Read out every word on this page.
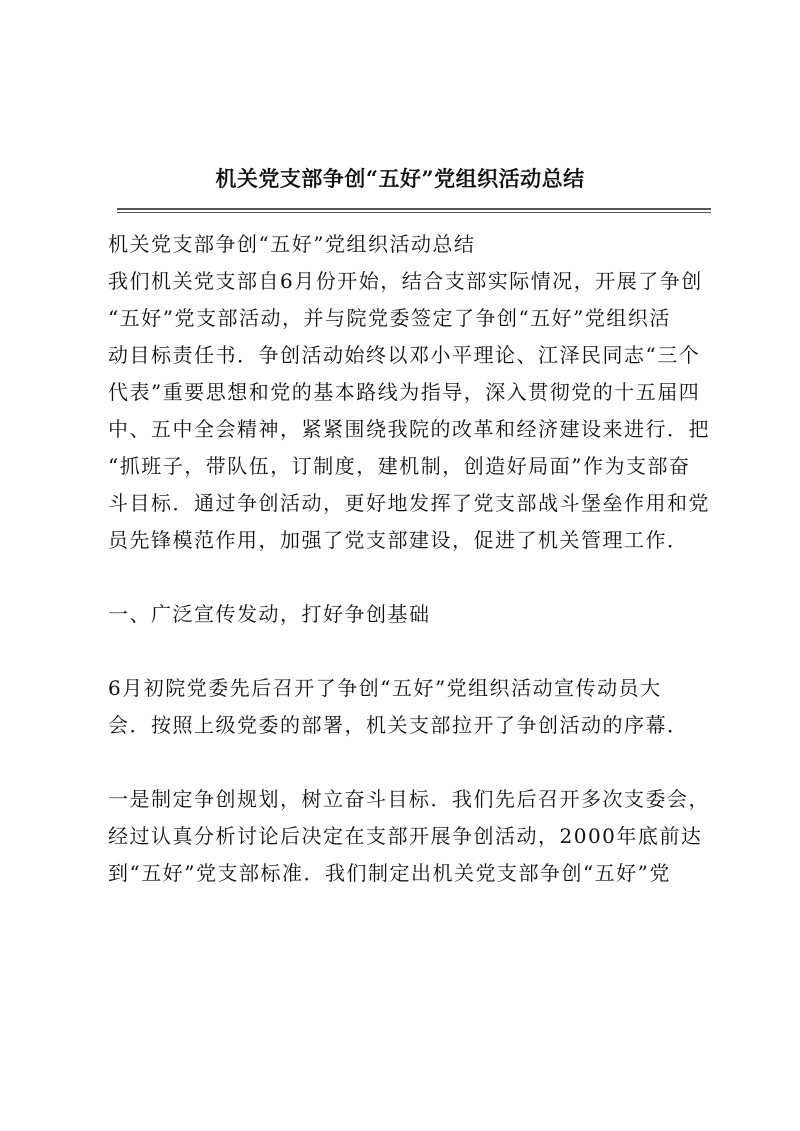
机关党支部争创“五好”党组织活动总结
机关党支部争创“五好”党组织活动总结
我们机关党支部自6月份开始，结合支部实际情况，开展了争创
“五好”党支部活动，并与院党委签定了争创“五好”党组织活
动目标责任书．争创活动始终以邓小平理论、江泽民同志“三个
代表”重要思想和党的基本路线为指导，深入贯彻党的十五届四
中、五中全会精神，紧紧围绕我院的改革和经济建设来进行．把
“抓班子，带队伍，订制度，建机制，创造好局面”作为支部奋
斗目标．通过争创活动，更好地发挥了党支部战斗堡垒作用和党
员先锋模范作用，加强了党支部建设，促进了机关管理工作．
一、广泛宣传发动，打好争创基础
6月初院党委先后召开了争创“五好”党组织活动宣传动员大
会．按照上级党委的部署，机关支部拉开了争创活动的序幕．
一是制定争创规划，树立奋斗目标．我们先后召开多次支委会，
经过认真分析讨论后决定在支部开展争创活动，2000年底前达
到“五好”党支部标准．我们制定出机关党支部争创“五好”党
